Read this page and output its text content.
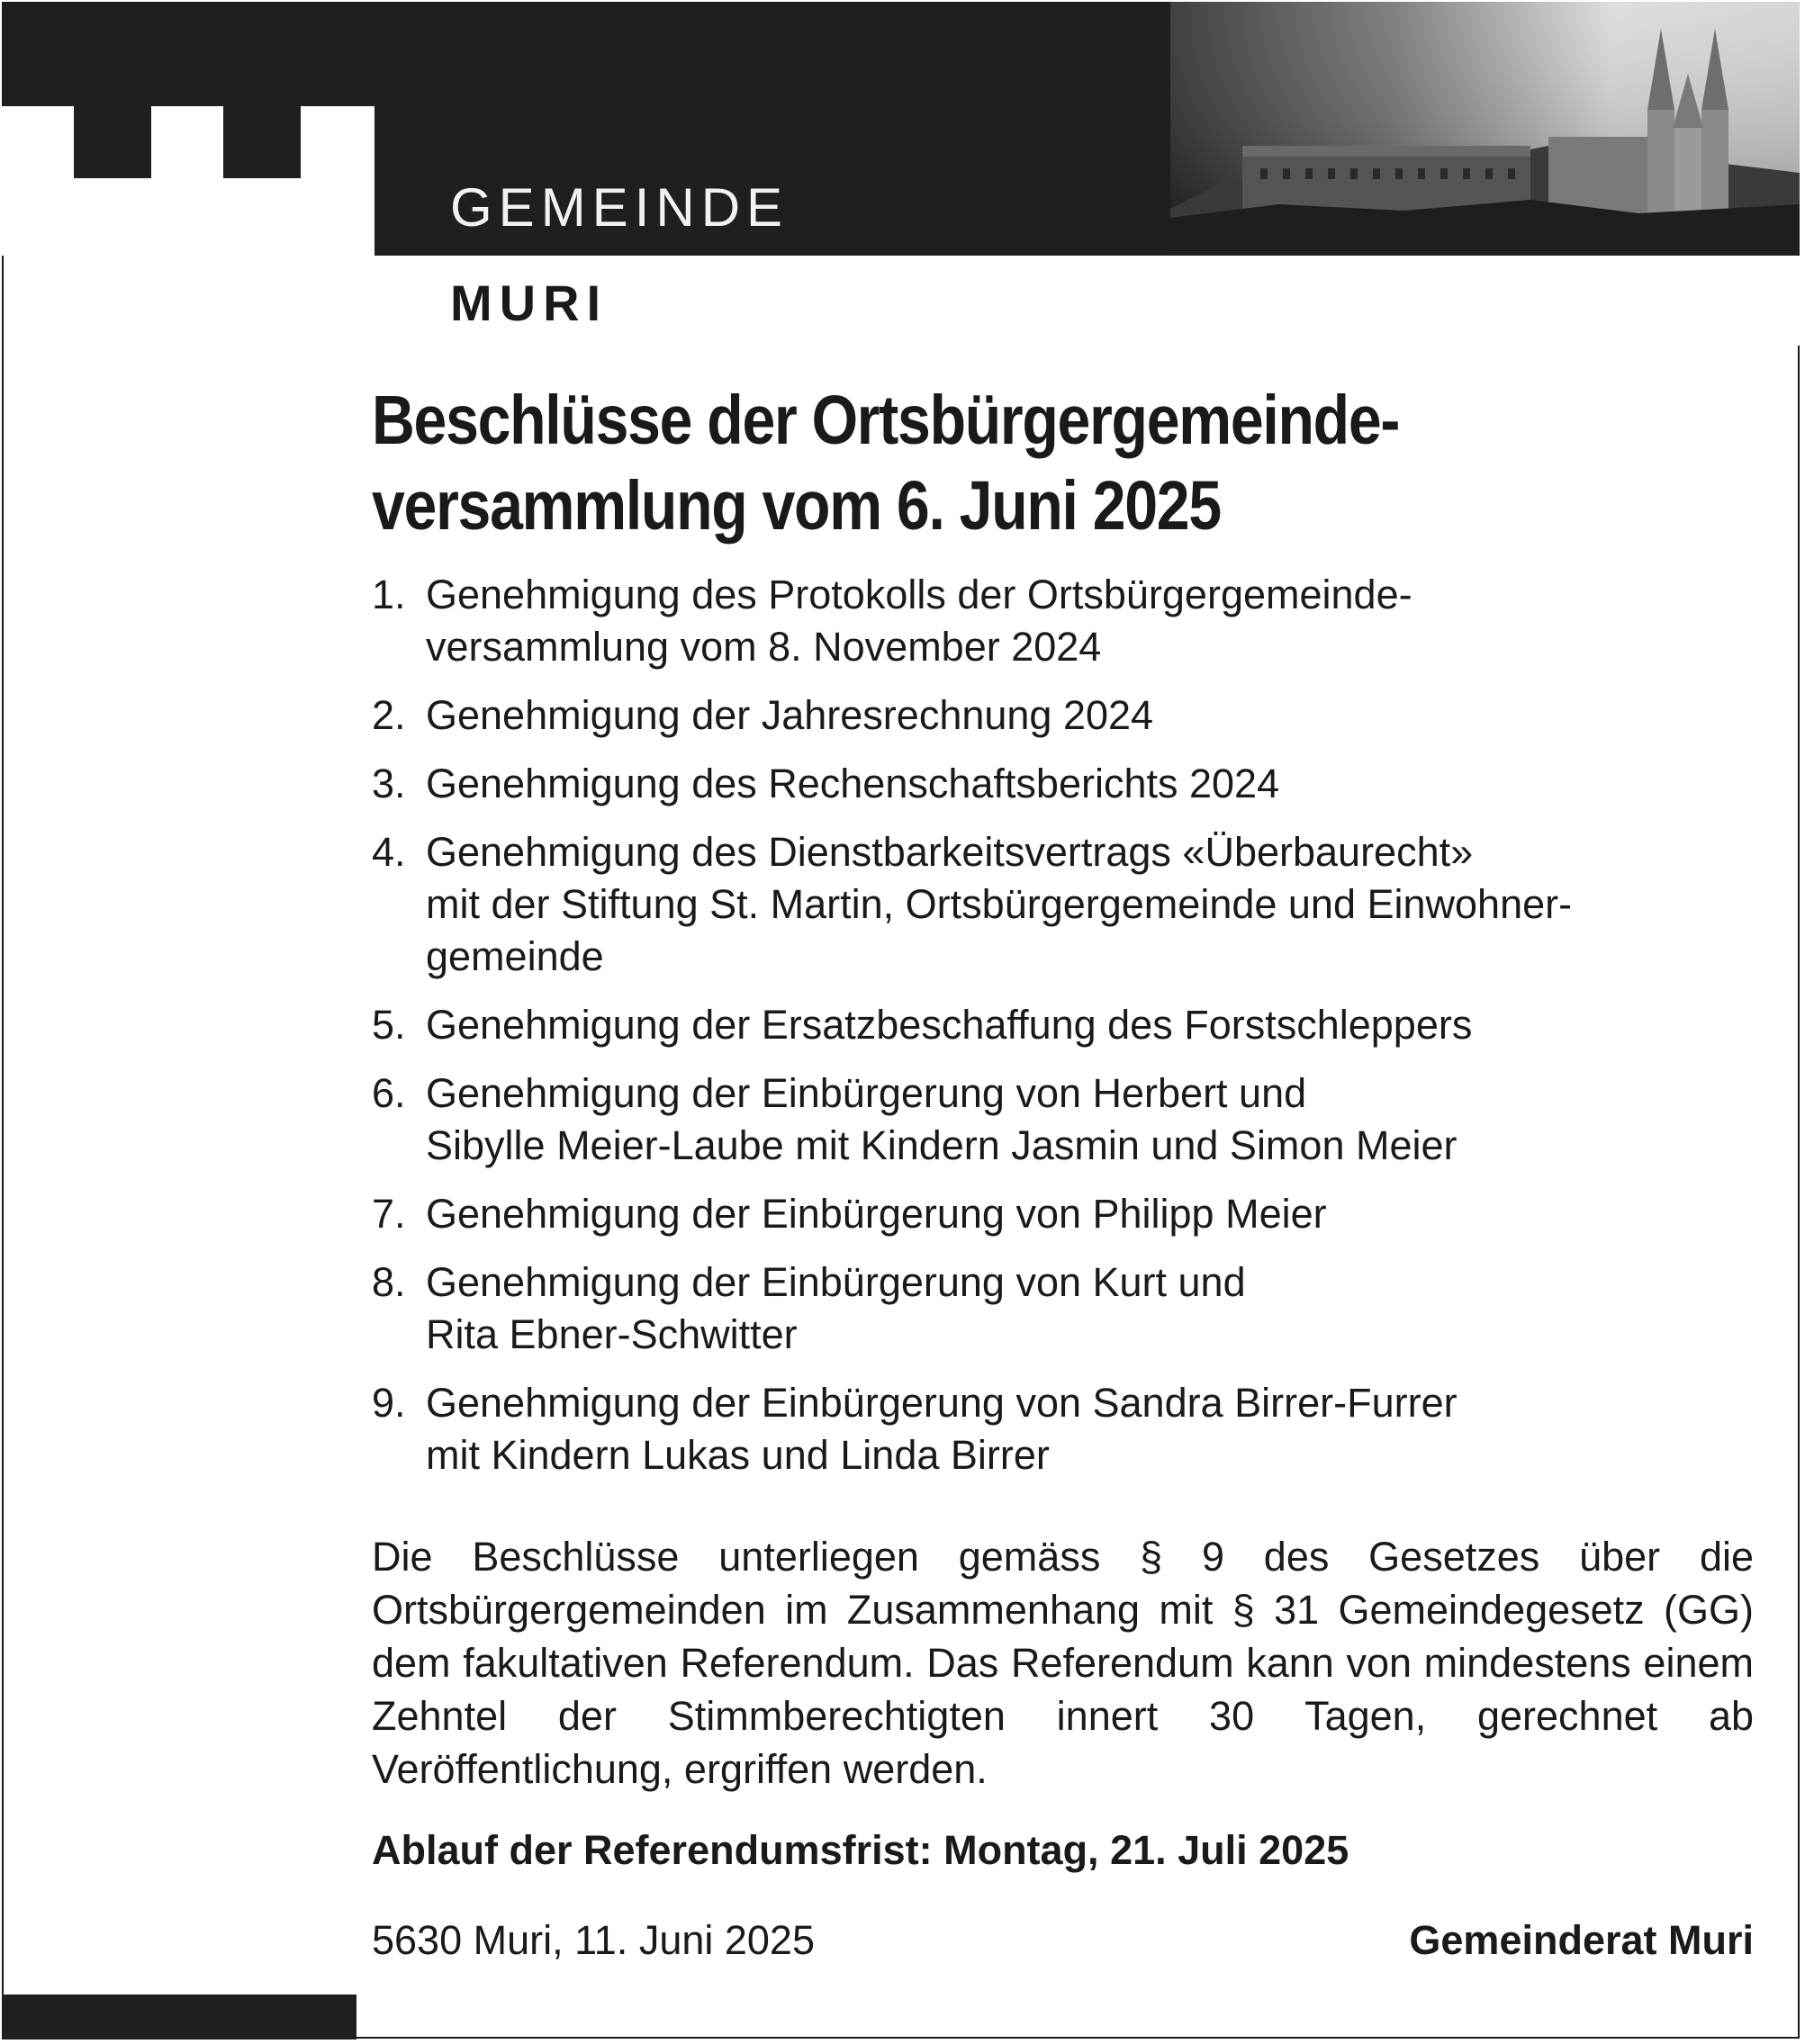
GEMEINDE
MURI
Beschlüsse der Ortsbürgergemeinde-
versammlung vom 6. Juni 2025
1. Genehmigung des Protokolls der Ortsbürgergemeinde-
versammlung vom 8. November 2024
2. Genehmigung der Jahresrechnung 2024
3. Genehmigung des Rechenschaftsberichts 2024
4. Genehmigung des Dienstbarkeitsvertrags «Überbaurecht»
mit der Stiftung St. Martin, Ortsbürgergemeinde und Einwohner-
gemeinde
5. Genehmigung der Ersatzbeschaffung des Forstschleppers
6. Genehmigung der Einbürgerung von Herbert und
Sibylle Meier-Laube mit Kindern Jasmin und Simon Meier
7. Genehmigung der Einbürgerung von Philipp Meier
8. Genehmigung der Einbürgerung von Kurt und
Rita Ebner-Schwitter
9. Genehmigung der Einbürgerung von Sandra Birrer-Furrer
mit Kindern Lukas und Linda Birrer

Die Beschlüsse unterliegen gemäss § 9 des Gesetzes über die Ortsbürgergemeinden im Zusammenhang mit § 31 Gemeindegesetz (GG) dem fakultativen Referendum. Das Referendum kann von mindestens einem Zehntel der Stimmberechtigten innert 30 Tagen, gerechnet ab Veröffentlichung, ergriffen werden.

Ablauf der Referendumsfrist: Montag, 21. Juli 2025
5630 Muri, 11. Juni 2025	Gemeinderat Muri
